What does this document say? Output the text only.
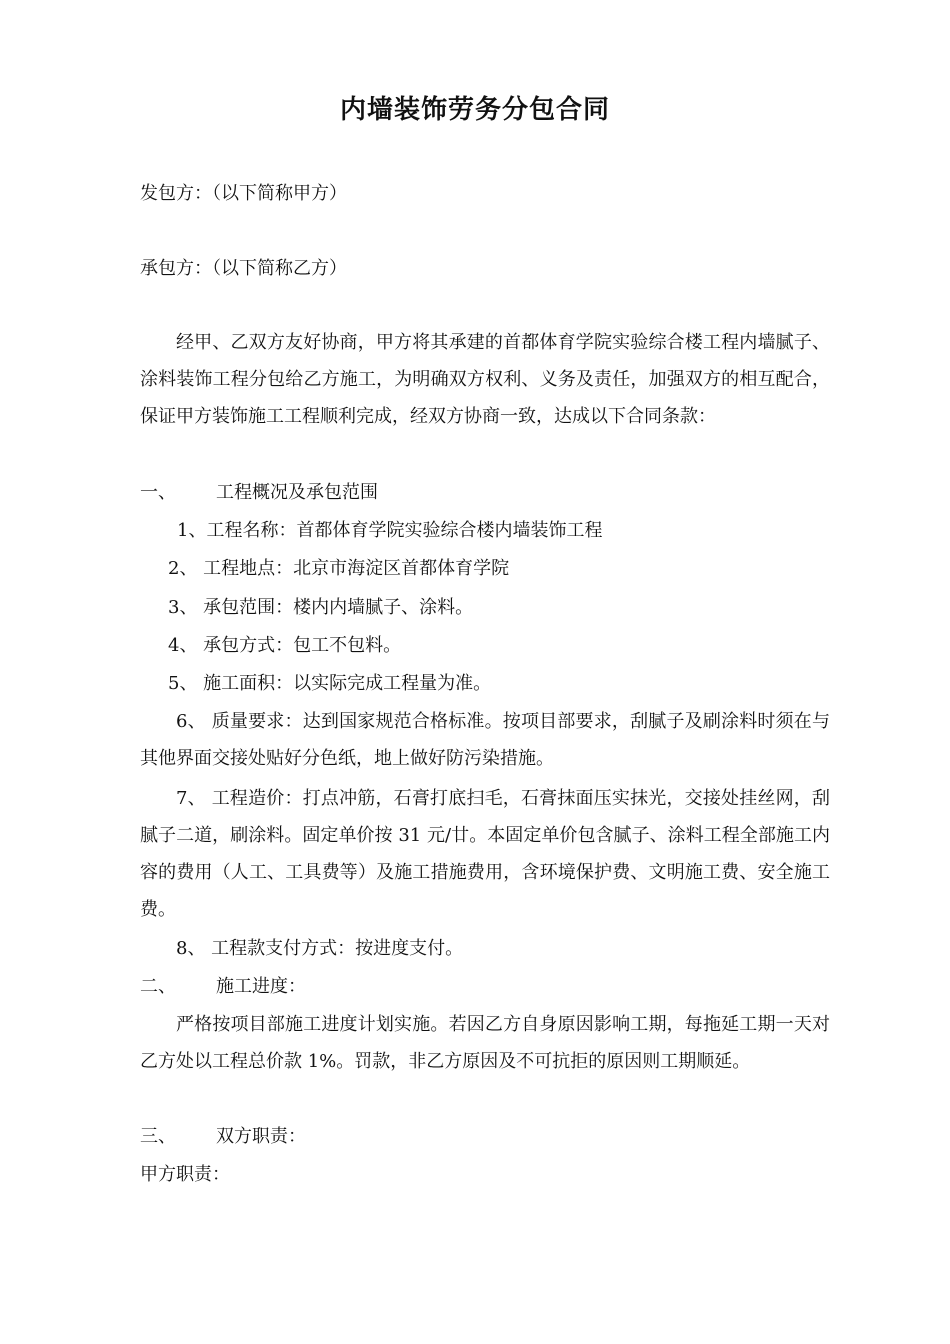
内墙装饰劳务分包合同
发包方：（以下简称甲方）
承包方：（以下简称乙方）
经甲、乙双方友好协商，甲方将其承建的首都体育学院实验综合楼工程内墙腻子、涂料装饰工程分包给乙方施工，为明确双方权利、义务及责任，加强双方的相互配合，保证甲方装饰施工工程顺利完成，经双方协商一致，达成以下合同条款：
一、 工程概况及承包范围
1、工程名称：首都体育学院实验综合楼内墙装饰工程
2、 工程地点：北京市海淀区首都体育学院
3、 承包范围：楼内内墙腻子、涂料。
4、 承包方式：包工不包料。
5、 施工面积：以实际完成工程量为准。
6、 质量要求：达到国家规范合格标准。按项目部要求，刮腻子及刷涂料时须在与其他界面交接处贴好分色纸，地上做好防污染措施。
7、 工程造价：打点冲筋，石膏打底扫毛，石膏抹面压实抹光，交接处挂丝网，刮腻子二道，刷涂料。固定单价按 31 元/廿。本固定单价包含腻子、涂料工程全部施工内容的费用（人工、工具费等）及施工措施费用，含环境保护费、文明施工费、安全施工费。
8、 工程款支付方式：按进度支付。
二、 施工进度：
严格按项目部施工进度计划实施。若因乙方自身原因影响工期，每拖延工期一天对乙方处以工程总价款 1%。罚款，非乙方原因及不可抗拒的原因则工期顺延。
三、 双方职责：
甲方职责：
